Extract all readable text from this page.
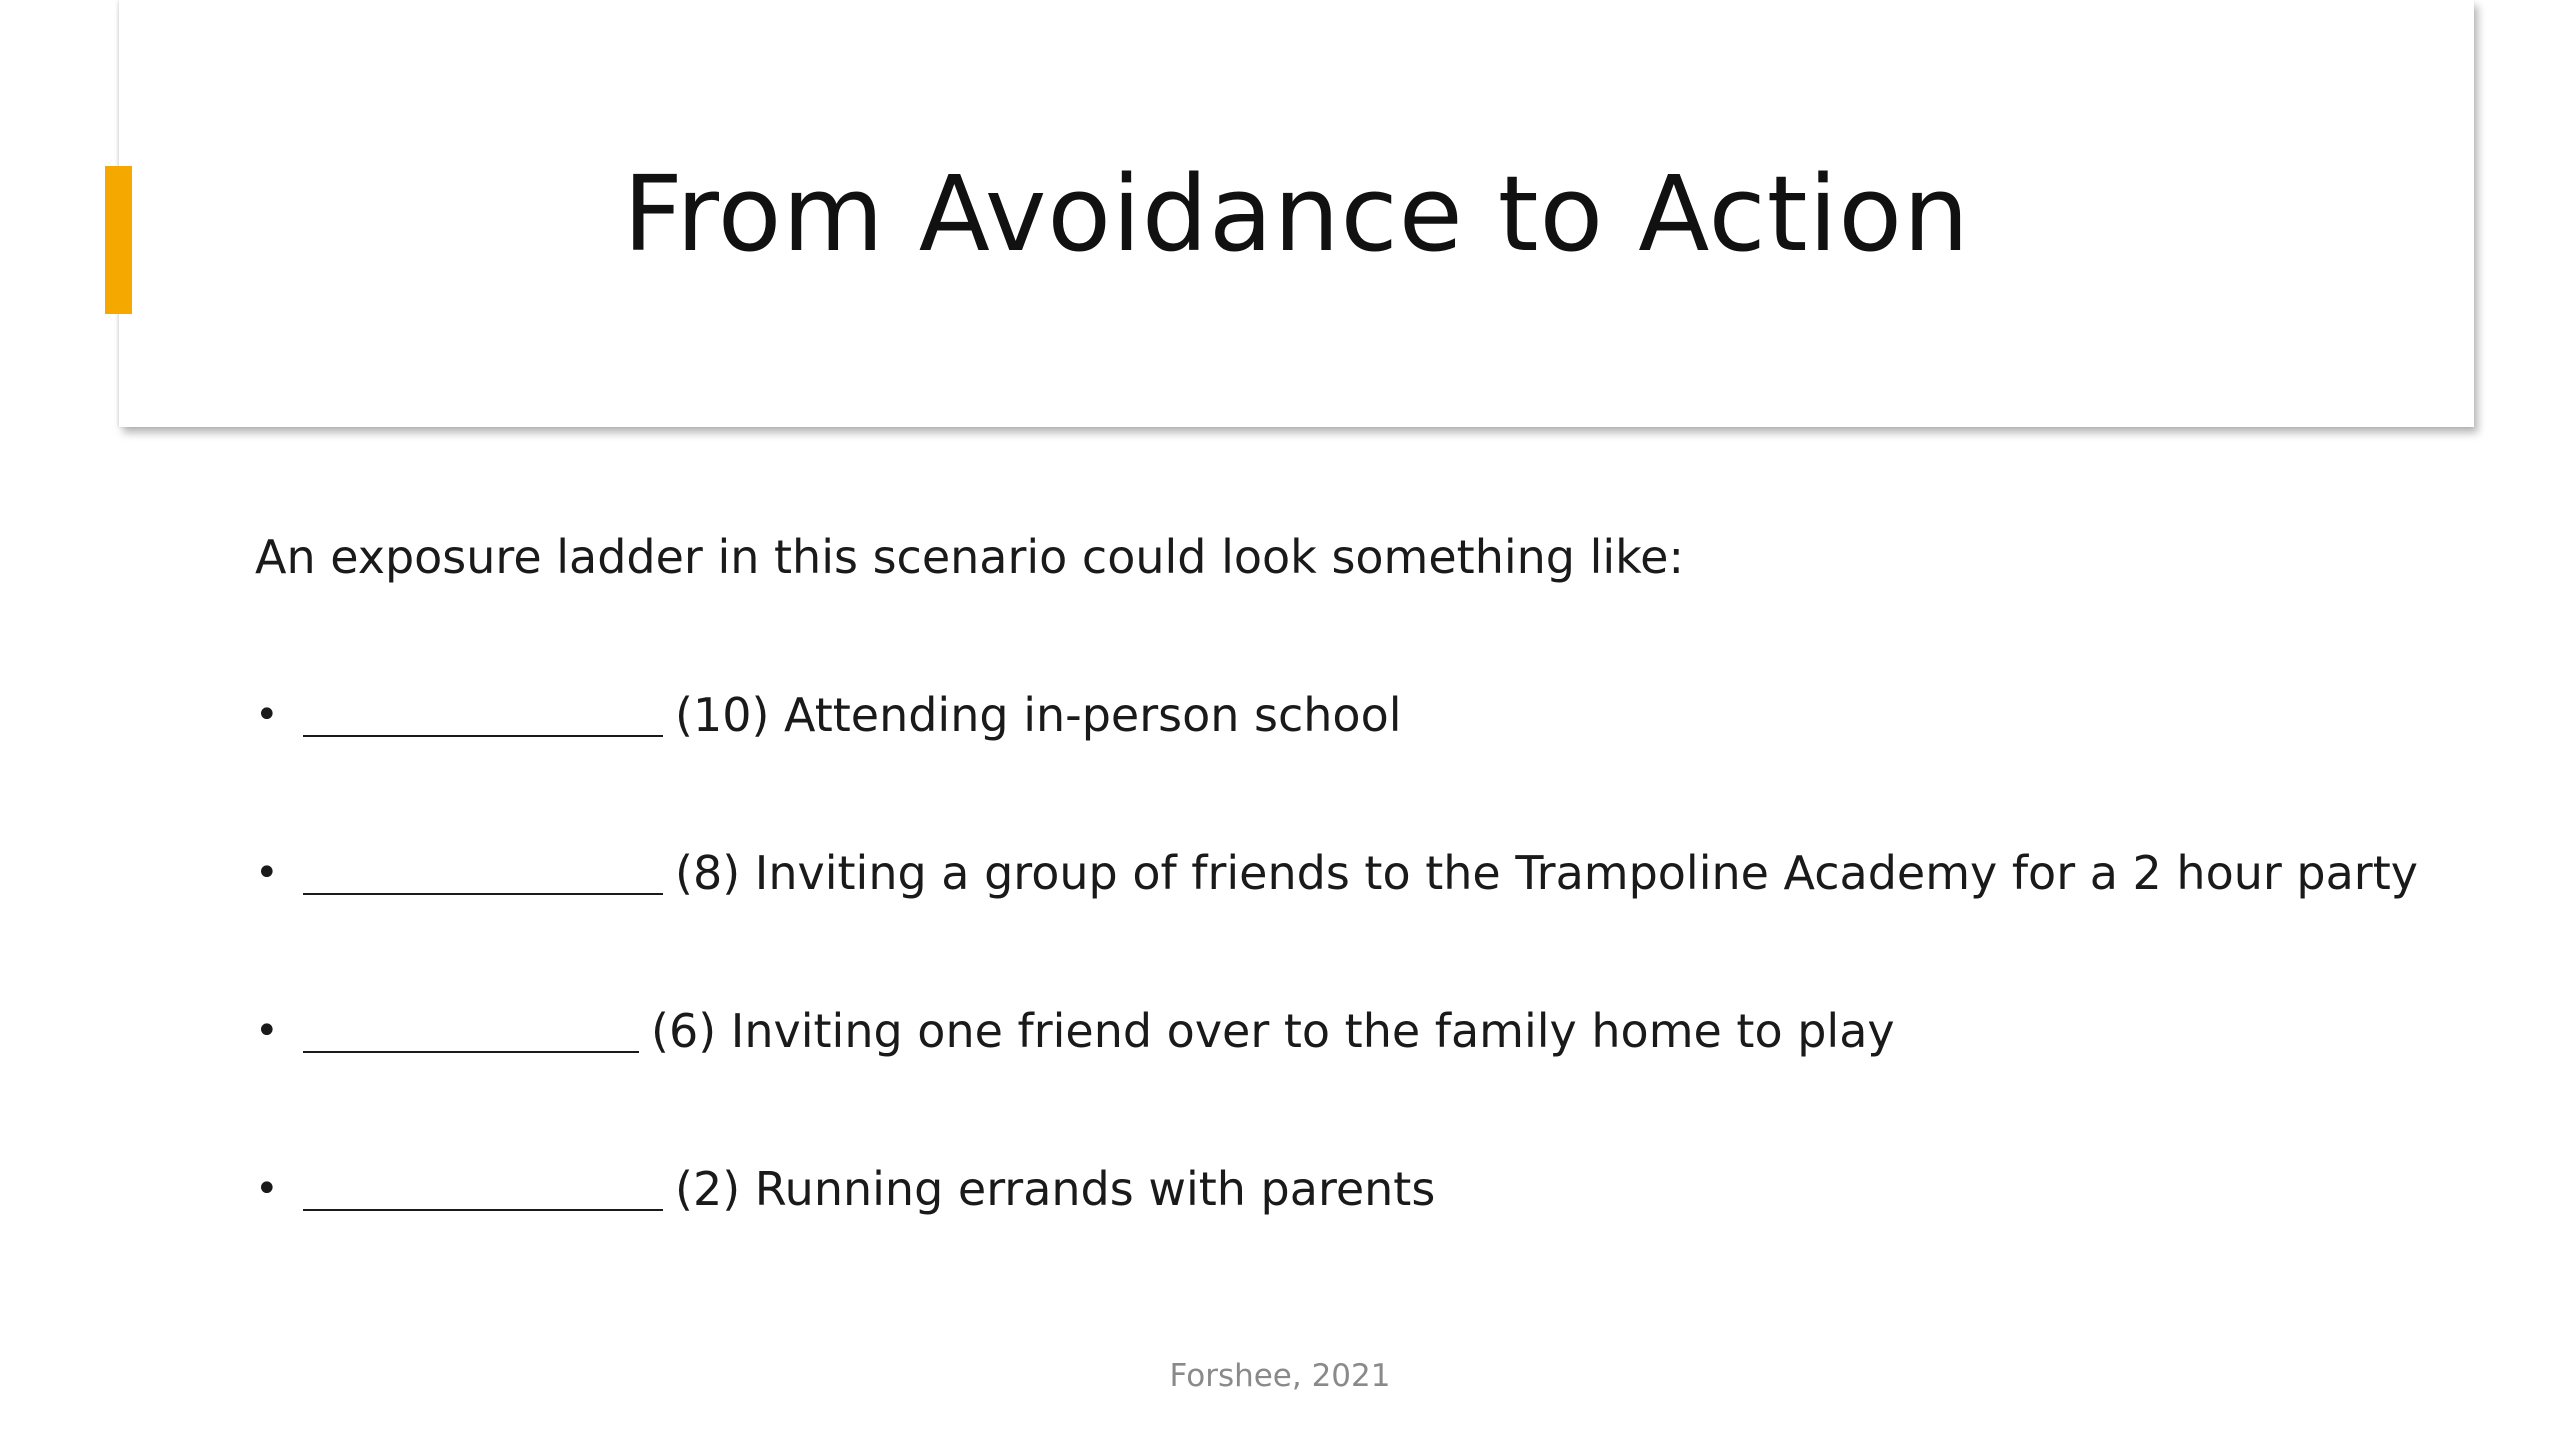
From Avoidance to Action

An exposure ladder in this scenario could look something like:

•	(10) Attending in-person school
•	(8) Inviting a group of friends to the Trampoline Academy for a 2 hour party
•	(6) Inviting one friend over to the family home to play
•	(2) Running errands with parents
Forshee, 2021
